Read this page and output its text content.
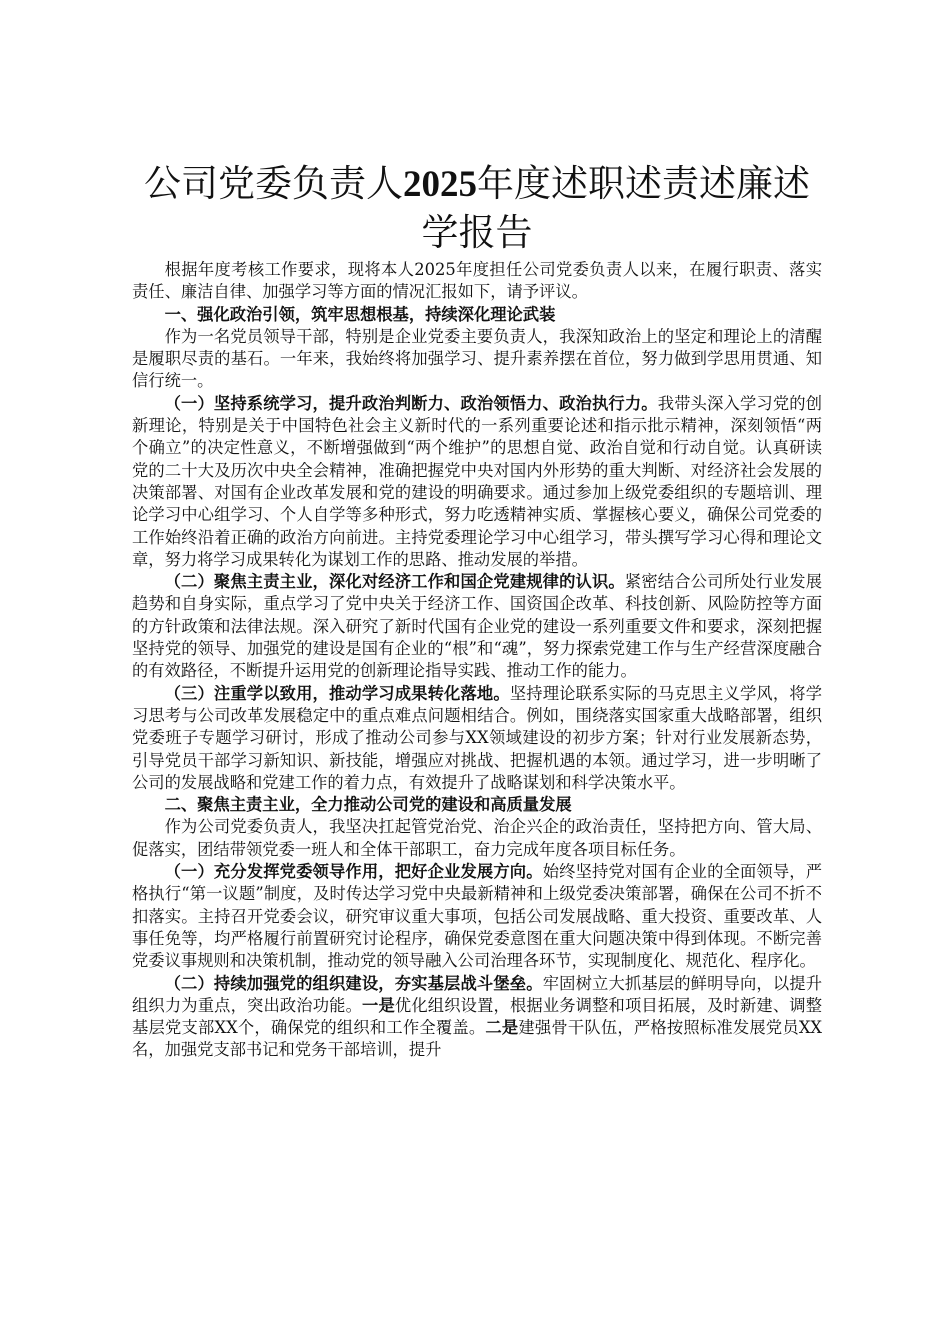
公司党委负责人2025年度述职述责述廉述学报告

根据年度考核工作要求，现将本人2025年度担任公司党委负责人以来，在履行职责、落实责任、廉洁自律、加强学习等方面的情况汇报如下，请予评议。

一、强化政治引领，筑牢思想根基，持续深化理论武装

作为一名党员领导干部，特别是企业党委主要负责人，我深知政治上的坚定和理论上的清醒是履职尽责的基石。一年来，我始终将加强学习、提升素养摆在首位，努力做到学思用贯通、知信行统一。

（一）坚持系统学习，提升政治判断力、政治领悟力、政治执行力。我带头深入学习党的创新理论，特别是关于中国特色社会主义新时代的一系列重要论述和指示批示精神，深刻领悟“两个确立”的决定性意义，不断增强做到“两个维护”的思想自觉、政治自觉和行动自觉。认真研读党的二十大及历次中央全会精神，准确把握党中央对国内外形势的重大判断、对经济社会发展的决策部署、对国有企业改革发展和党的建设的明确要求。通过参加上级党委组织的专题培训、理论学习中心组学习、个人自学等多种形式，努力吃透精神实质、掌握核心要义，确保公司党委的工作始终沿着正确的政治方向前进。主持党委理论学习中心组学习，带头撰写学习心得和理论文章，努力将学习成果转化为谋划工作的思路、推动发展的举措。

（二）聚焦主责主业，深化对经济工作和国企党建规律的认识。紧密结合公司所处行业发展趋势和自身实际，重点学习了党中央关于经济工作、国资国企改革、科技创新、风险防控等方面的方针政策和法律法规。深入研究了新时代国有企业党的建设一系列重要文件和要求，深刻把握坚持党的领导、加强党的建设是国有企业的“根”和“魂”，努力探索党建工作与生产经营深度融合的有效路径，不断提升运用党的创新理论指导实践、推动工作的能力。

（三）注重学以致用，推动学习成果转化落地。坚持理论联系实际的马克思主义学风，将学习思考与公司改革发展稳定中的重点难点问题相结合。例如，围绕落实国家重大战略部署，组织党委班子专题学习研讨，形成了推动公司参与XX领域建设的初步方案；针对行业发展新态势，引导党员干部学习新知识、新技能，增强应对挑战、把握机遇的本领。通过学习，进一步明晰了公司的发展战略和党建工作的着力点，有效提升了战略谋划和科学决策水平。

二、聚焦主责主业，全力推动公司党的建设和高质量发展

作为公司党委负责人，我坚决扛起管党治党、治企兴企的政治责任，坚持把方向、管大局、促落实，团结带领党委一班人和全体干部职工，奋力完成年度各项目标任务。

（一）充分发挥党委领导作用，把好企业发展方向。始终坚持党对国有企业的全面领导，严格执行“第一议题”制度，及时传达学习党中央最新精神和上级党委决策部署，确保在公司不折不扣落实。主持召开党委会议，研究审议重大事项，包括公司发展战略、重大投资、重要改革、人事任免等，均严格履行前置研究讨论程序，确保党委意图在重大问题决策中得到体现。不断完善党委议事规则和决策机制，推动党的领导融入公司治理各环节，实现制度化、规范化、程序化。

（二）持续加强党的组织建设，夯实基层战斗堡垒。牢固树立大抓基层的鲜明导向，以提升组织力为重点，突出政治功能。一是优化组织设置，根据业务调整和项目拓展，及时新建、调整基层党支部XX个，确保党的组织和工作全覆盖。二是建强骨干队伍，严格按照标准发展党员XX名，加强党支部书记和党务干部培训，提升
